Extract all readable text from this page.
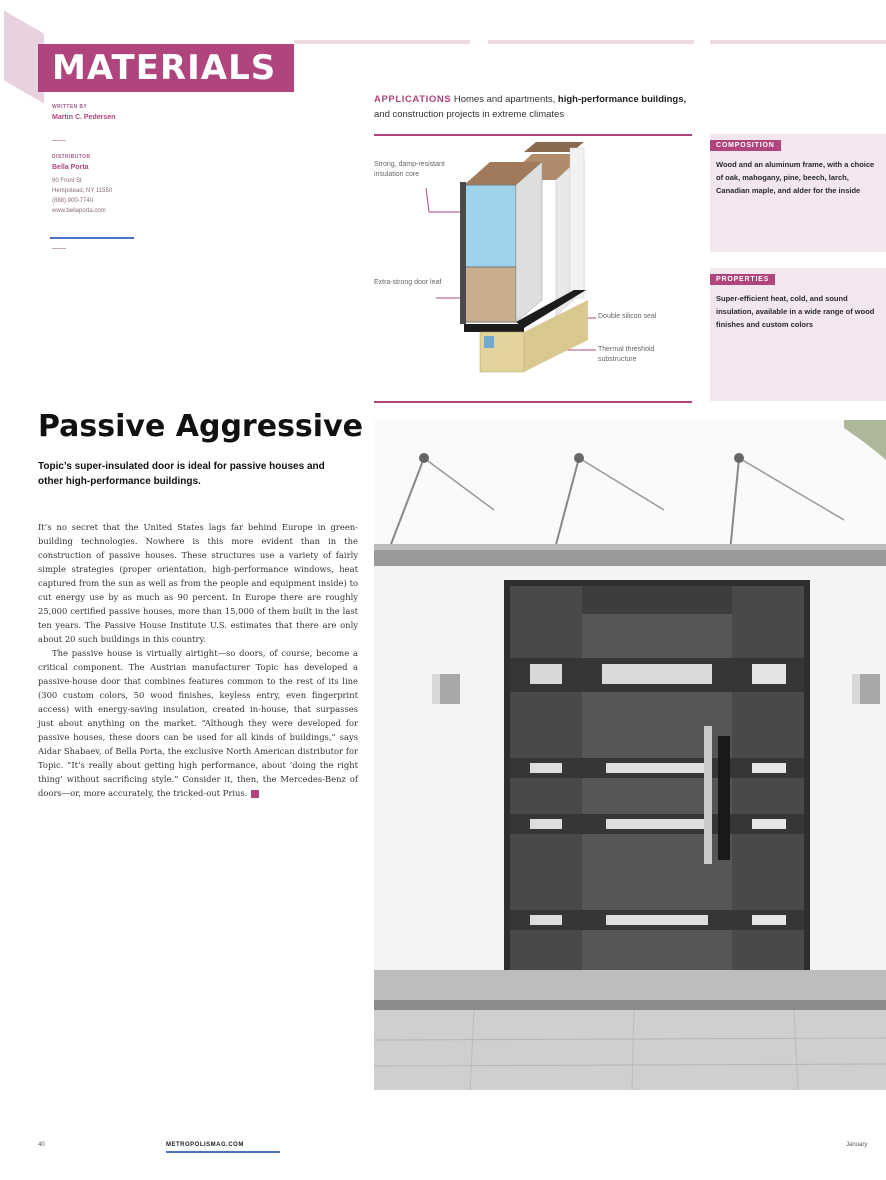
MATERIALS
WRITTEN BY
Martin C. Pedersen
DISTRIBUTOR
Bella Porta
90 Front St
Hempstead, NY 11550
(888) 900-7740
www.bellaporta.com
APPLICATIONS Homes and apartments, high-performance buildings,
and construction projects in extreme climates
Strong, damp-resistant insulation core
Extra-strong door leaf
Double silicon seal
Thermal threshold substructure
COMPOSITION
Wood and an aluminum frame, with a choice of oak, mahogany, pine, beech, larch, Canadian maple, and alder for the inside
PROPERTIES
Super-efficient heat, cold, and sound insulation, available in a wide range of wood finishes and custom colors
Passive Aggressive
Topic’s super-insulated door is ideal for passive houses and other high-performance buildings.

It’s no secret that the United States lags far behind Europe in green-building technologies. Nowhere is this more evident than in the construction of passive houses. These structures use a variety of fairly simple strategies (proper orientation, high-performance windows, heat captured from the sun as well as from the people and equipment inside) to cut energy use by as much as 90 percent. In Europe there are roughly 25,000 certified passive houses, more than 15,000 of them built in the last ten years. The Passive House Institute U.S. estimates that there are only about 20 such buildings in this country.

The passive house is virtually airtight—so doors, of course, become a critical component. The Austrian manufacturer Topic has developed a passive-house door that combines features common to the rest of its line (300 custom colors, 50 wood finishes, keyless entry, even fingerprint access) with energy-saving insulation, created in-house, that surpasses just about anything on the market. “Although they were developed for passive houses, these doors can be used for all kinds of buildings,” says Aidar Shabaev, of Bella Porta, the exclusive North American distributor for Topic. “It’s really about getting high performance, about ‘doing the right thing’ without sacrificing style.” Consider it, then, the Mercedes-Benz of doors—or, more accurately, the tricked-out Prius.

40	METROPOLISMAG.COM	January
